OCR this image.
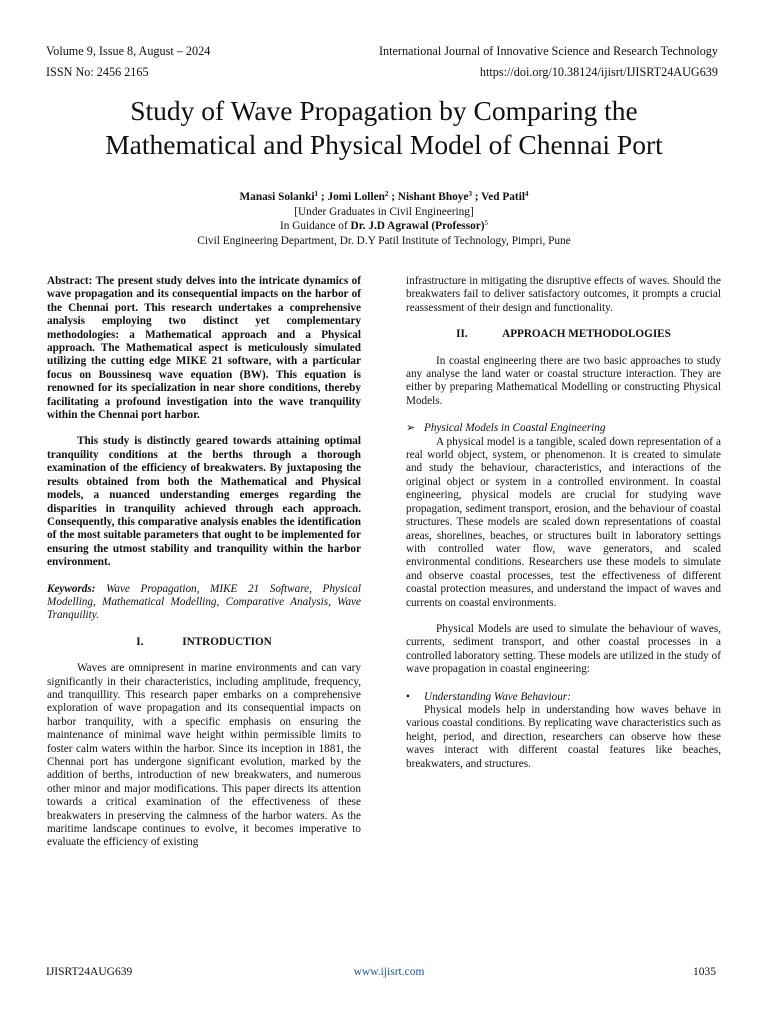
Volume 9, Issue 8, August – 2024	International Journal of Innovative Science and Research Technology
ISSN No: 2456 2165	https://doi.org/10.38124/ijisrt/IJISRT24AUG639
Study of Wave Propagation by Comparing the
Mathematical and Physical Model of Chennai Port
Manasi Solanki$^1$ ; Jomi Lollen$^2$ ; Nishant Bhoye$^3$ ; Ved Patil$^4$
[Under Graduates in Civil Engineering]
In Guidance of Dr. J.D Agrawal (Professor)$^5$
Civil Engineering Department, Dr. D.Y Patil Institute of Technology, Pimpri, Pune

Abstract: The present study delves into the intricate dynamics of wave propagation and its consequential impacts on the harbor of the Chennai port. This research undertakes a comprehensive analysis employing two distinct yet complementary methodologies: a Mathematical approach and a Physical approach. The Mathematical aspect is meticulously simulated utilizing the cutting edge MIKE 21 software, with a particular focus on Boussinesq wave equation (BW). This equation is renowned for its specialization in near shore conditions, thereby facilitating a profound investigation into the wave tranquility within the Chennai port harbor.

This study is distinctly geared towards attaining optimal tranquility conditions at the berths through a thorough examination of the efficiency of breakwaters. By juxtaposing the results obtained from both the Mathematical and Physical models, a nuanced understanding emerges regarding the disparities in tranquility achieved through each approach. Consequently, this comparative analysis enables the identification of the most suitable parameters that ought to be implemented for ensuring the utmost stability and tranquility within the harbor environment.

Keywords: Wave Propagation, MIKE 21 Software, Physical Modelling, Mathematical Modelling, Comparative Analysis, Wave Tranquility.

I.	INTRODUCTION

Waves are omnipresent in marine environments and can vary significantly in their characteristics, including amplitude, frequency, and tranquillity. This research paper embarks on a comprehensive exploration of wave propagation and its consequential impacts on harbor tranquility, with a specific emphasis on ensuring the maintenance of minimal wave height within permissible limits to foster calm waters within the harbor. Since its inception in 1881, the Chennai port has undergone significant evolution, marked by the addition of berths, introduction of new breakwaters, and numerous other minor and major modifications. This paper directs its attention towards a critical examination of the effectiveness of these breakwaters in preserving the calmness of the harbor waters. As the maritime landscape continues to evolve, it becomes imperative to evaluate the efficiency of existing

infrastructure in mitigating the disruptive effects of waves. Should the breakwaters fail to deliver satisfactory outcomes, it prompts a crucial reassessment of their design and functionality.

II.	APPROACH METHODOLOGIES

In coastal engineering there are two basic approaches to study any analyse the land water or coastal structure interaction. They are either by preparing Mathematical Modelling or constructing Physical Models.

➢ Physical Models in Coastal Engineering

A physical model is a tangible, scaled down representation of a real world object, system, or phenomenon. It is created to simulate and study the behaviour, characteristics, and interactions of the original object or system in a controlled environment. In coastal engineering, physical models are crucial for studying wave propagation, sediment transport, erosion, and the behaviour of coastal structures. These models are scaled down representations of coastal areas, shorelines, beaches, or structures built in laboratory settings with controlled water flow, wave generators, and scaled environmental conditions. Researchers use these models to simulate and observe coastal processes, test the effectiveness of different coastal protection measures, and understand the impact of waves and currents on coastal environments.

Physical Models are used to simulate the behaviour of waves, currents, sediment transport, and other coastal processes in a controlled laboratory setting. These models are utilized in the study of wave propagation in coastal engineering:

• Understanding Wave Behaviour:

Physical models help in understanding how waves behave in various coastal conditions. By replicating wave characteristics such as height, period, and direction, researchers can observe how these waves interact with different coastal features like beaches, breakwaters, and structures.

IJISRT24AUG639	www.ijisrt.com	1035
